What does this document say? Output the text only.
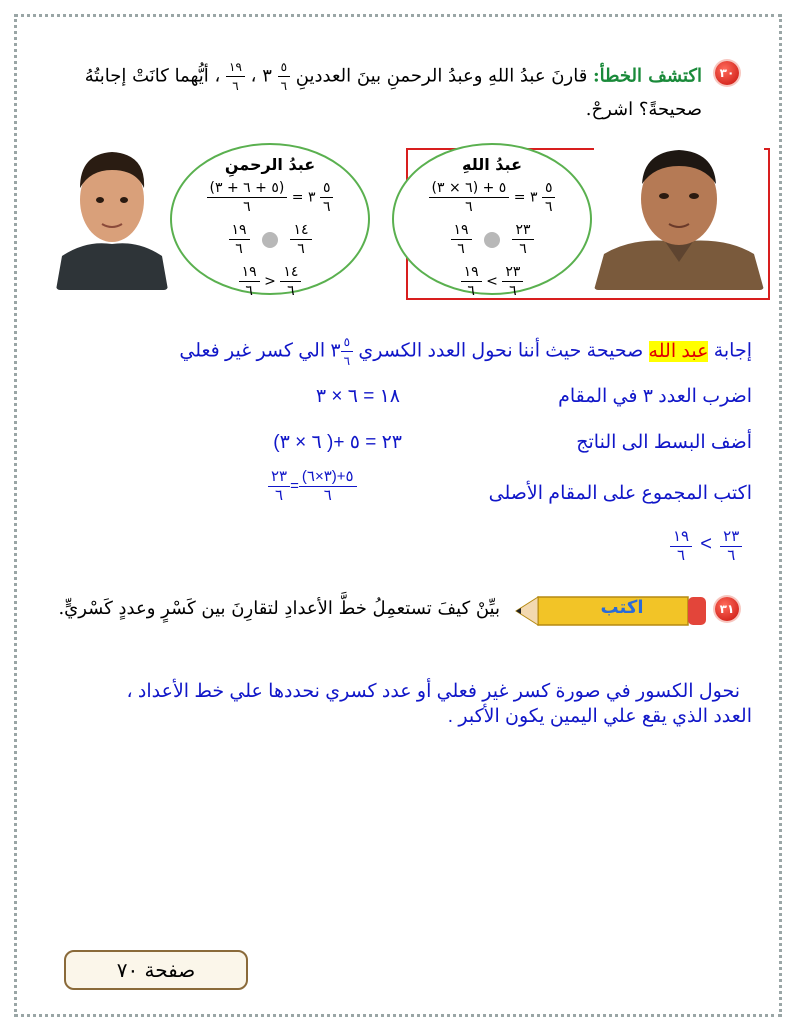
٣٠
اكتشف الخطأ: قارنَ عبدُ اللهِ وعبدُ الرحمنِ بينَ العددينِ
$\frac{٥}{٦}$
٣ ،
$\frac{١٩}{٦}$
، أيُّهما كانَتْ إجابتُهُ
صحيحةً؟ اشرحْ.
عبدُ اللهِ
$\frac{٥ + (٦ \times ٣)}{٦}$ = ٣ $\frac{٥}{٦}$
$\frac{١٩}{٦}$
	$\frac{٢٣}{٦}$
$\frac{١٩}{٦} < \frac{٢٣}{٦}$
عبدُ الرحمنِ
$\frac{(٥ + ٦ + ٣)}{٦}$ = ٣ $\frac{٥}{٦}$
$\frac{١٩}{٦}$
	$\frac{١٤}{٦}$
$\frac{١٩}{٦} > \frac{١٤}{٦}$
إجابة عبد الله صحيحة حيث أننا نحول العدد الكسري
$\frac{٥}{٦}$
٣ الي كسر غير فعلي
اضرب العدد ٣ في المقام
١٨ = ٦ × ٣
أضف البسط الى الناتج
٢٣ = ٥ +( ٦ × ٣)
اكتب المجموع على المقام الأصلى
$\frac{٢٣}{٦} = \frac{(٣\times ٦)+٥}{٦}$
$\frac{١٩}{٦} < \frac{٢٣}{٦}$
٣١
اكتب
بيِّنْ كيفَ تستعمِلُ خطَّ الأعدادِ لتقارِنَ بين كَسْرٍ وعددٍ كَسْريٍّ.
نحول الكسور في صورة كسر غير فعلي أو عدد كسري نحددها علي خط الأعداد ،
العدد الذي يقع علي اليمين يكون الأكبر .
صفحة ٧٠
